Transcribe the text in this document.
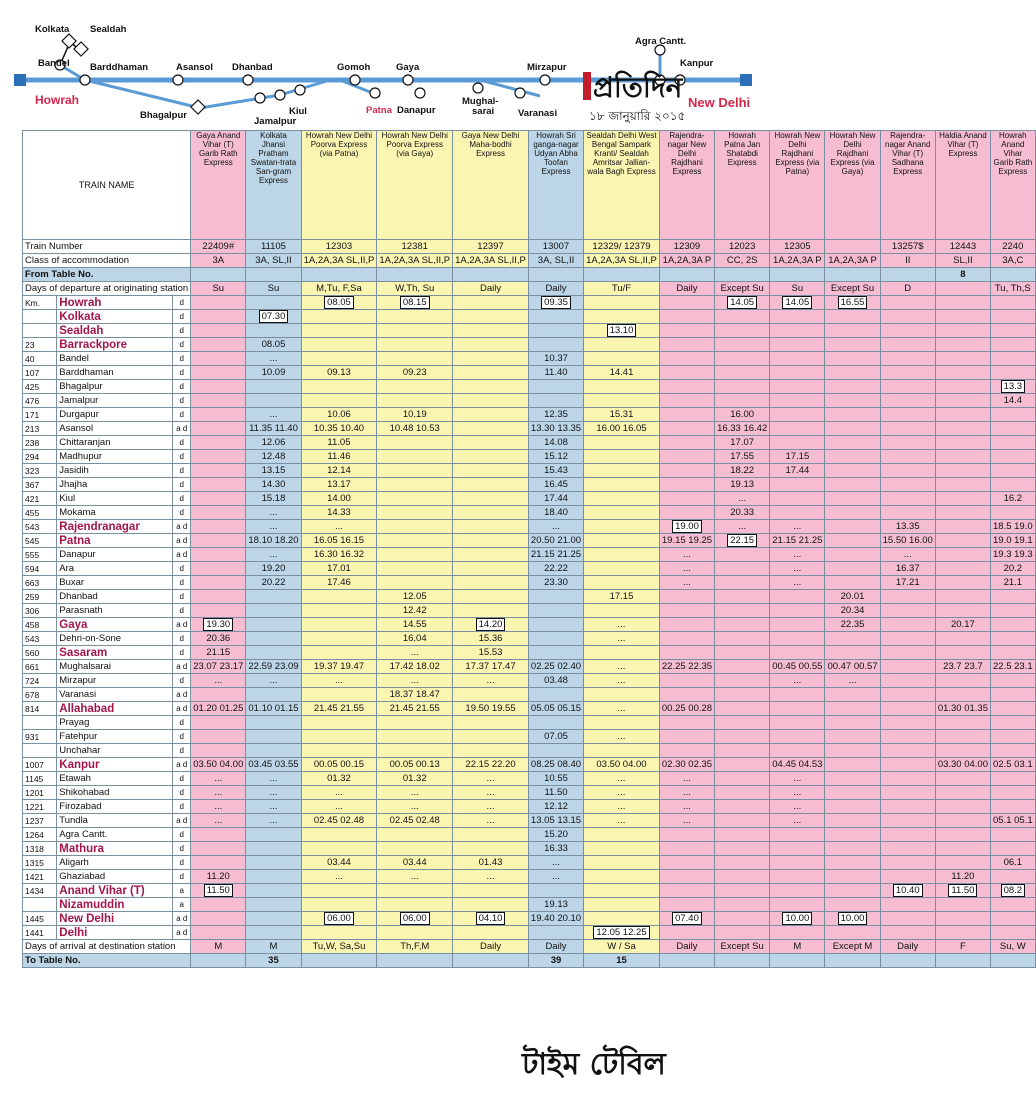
Kolkata Sealdah
Bandel Barddhaman	Asansol Dhanbad	Gomoh	Gaya	Mirzapur
Agra Cantt.
Kanpur
Bhagalpur
Jamalpur
Kiul	Patna Danapur
Mughal-
sarai	Varanasi
Howrah	প্রতিদিন
১৮ জানুয়ারি ২০১৫
New Delhi
TRAIN NAME			Gaya Anand Vihar (T) Garib Rath Express	Kolkata Jhansi Pratham Swatan-trata San-gram Express	Howrah New Delhi Poorva Express (via Patna)	Howrah New Delhi Poorva Express (via Gaya)	Gaya New Delhi Maha-bodhi Express	Howrah Sri ganga-nagar Udyan Abha Toofan Express	Sealdah Delhi West Bengal Sampark Kranti/ Sealdah Amritsar Jallian-wala Bagh Express	Rajendra-nagar New Delhi Rajdhani Express	Howrah Patna Jan Shatabdi Express	Howrah New Delhi Rajdhani Express (via Patna)	Howrah New Delhi Rajdhani Express (via Gaya)	Rajendra-nagar Anand Vihar (T) Sadhana Express	Haldia Anand Vihar (T) Express	Howrah Anand Vihar Garib Rath Express
Train Number			22409#	11105	12303	12381	12397	13007	12329/ 12379	12309	12023	12305		13257$	12443	2240
Class of accommodation			3A	3A, SL,II	1A,2A,3A SL,II,P	1A,2A,3A SL,II,P	1A,2A,3A SL,II,P	3A, SL,II	1A,2A,3A SL,II,P	1A,2A,3A P	CC, 2S	1A,2A,3A P	1A,2A,3A P	II	SL,II	3A,C
From Table No.															8	
Days of departure at originating station			Su	Su	M,Tu, F,Sa	W,Th, Su	Daily	Daily	Tu/F	Daily	Except Su	Su	Except Su	D		Tu, Th,S
Km.	Howrah	d			08.05	08.15		09.35			14.05	14.05	16.55			
	Kolkata	d		07.30												
	Sealdah	d							13.10							
23	Barrackpore	d		08.05												
40	Bandel	d		...				10.37								
107	Barddhaman	d		10.09	09.13	09.23		11.40	14.41							
425	Bhagalpur	d														13.3
476	Jamalpur	d														14.4
171	Durgapur	d		...	10.06	10.19		12.35	15.31		16.00					
213	Asansol	a d		11.35 11.40	10.35 10.40	10.48 10.53		13.30 13.35	16.00 16.05		16.33 16.42					
238	Chittaranjan	d		12.06	11.05			14.08			17.07					
294	Madhupur	d		12.48	11.46			15.12			17.55	17.15				
323	Jasidih	d		13.15	12.14			15.43			18.22	17.44				
367	Jhajha	d		14.30	13.17			16.45			19.13					
421	Kiul	d		15.18	14.00			17.44			...					16.2
455	Mokama	d		...	14.33			18.40			20.33					
543	Rajendranagar	a d		...	...			...		19.00	...	...		13.35		18.5 19.0
545	Patna	a d		18.10 18.20	16.05 16.15			20.50 21.00		19.15 19.25	22.15	21.15 21.25		15.50 16.00		19.0 19.1
555	Danapur	a d		...	16.30 16.32			21.15 21.25		...		...		...		19.3 19.3
594	Ara	d		19.20	17.01			22.22		...		...		16.37		20.2
663	Buxar	d		20.22	17.46			23.30		...		...		17.21		21.1
259	Dhanbad	d				12.05			17.15				20.01			
306	Parasnath	d				12.42							20.34			
458	Gaya	a d	19.30			14.55	14.20		...				22.35		20.17	
543	Dehri-on-Sone	d	20.36			16.04	15.36		...							
560	Sasaram	d	21.15			...	15.53									
661	Mughalsarai	a d	23.07 23.17	22.59 23.09	19.37 19.47	17.42 18.02	17.37 17.47	02.25 02.40	...	22.25 22.35		00.45 00.55	00.47 00.57		23.7 23.7	22.5 23.1
724	Mirzapur	d	...	...	...	...	...	03.48	...			...	...			
678	Varanasi	a d				18.37 18.47										
814	Allahabad	a d	01.20 01.25	01.10 01.15	21.45 21.55	21.45 21.55	19.50 19.55	05.05 05.15	...	00.25 00.28					01.30 01.35	
	Prayag	d														
931	Fatehpur	d						07.05	...							
	Unchahar	d														
1007	Kanpur	a d	03.50 04.00	03.45 03.55	00.05 00.15	00.05 00.13	22.15 22.20	08.25 08.40	03.50 04.00	02.30 02.35		04.45 04.53			03.30 04.00	02.5 03.1
1145	Etawah	d	...	...	01.32	01.32	...	10.55	...	...		...				
1201	Shikohabad	d	...	...	...	...	...	11.50	...	...		...				
1221	Firozabad	d	...	...	...	...	...	12.12	...	...		...				
1237	Tundla	a d	...	...	02.45 02.48	02.45 02.48	...	13.05 13.15	...	...		...				05.1 05.1
1264	Agra Cantt.	d						15.20								
1318	Mathura	d						16.33								
1315	Aligarh	d			03.44	03.44	01.43	...								06.1
1421	Ghaziabad	d	11.20		...	...	...	...							11.20	
1434	Anand Vihar (T)	a	11.50											10.40	11.50	08.2
	Nizamuddin	a						19.13								
1445	New Delhi	a d			06.00	06.00	04.10	19.40 20.10		07.40		10.00	10.00			
1441	Delhi	a d							12.05 12.25							
Days of arrival at destination station			M	M	Tu,W, Sa,Su	Th,F,M	Daily	Daily	W / Sa	Daily	Except Su	M	Except M	Daily	F	Su, W
To Table No.				35				39	15							
টাইম টেবিল
